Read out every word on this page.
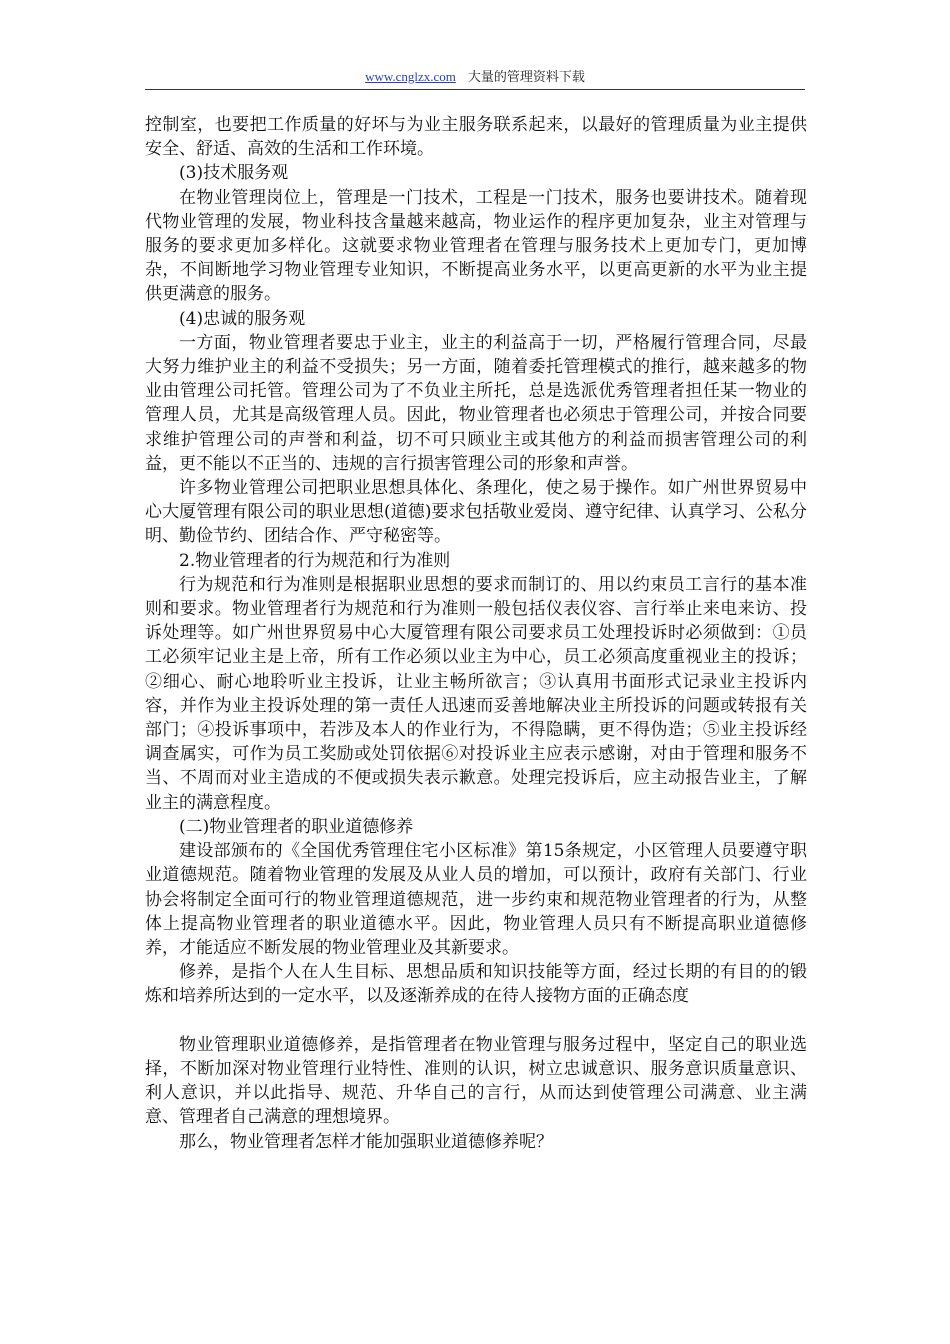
www.cnglzx.com 大量的管理资料下载

控制室，也要把工作质量的好坏与为业主服务联系起来，以最好的管理质量为业主提供安全、舒适、高效的生活和工作环境。

(3)技术服务观

在物业管理岗位上，管理是一门技术，工程是一门技术，服务也要讲技术。随着现代物业管理的发展，物业科技含量越来越高，物业运作的程序更加复杂，业主对管理与服务的要求更加多样化。这就要求物业管理者在管理与服务技术上更加专门，更加博杂，不间断地学习物业管理专业知识，不断提高业务水平，以更高更新的水平为业主提供更满意的服务。

(4)忠诚的服务观

一方面，物业管理者要忠于业主，业主的利益高于一切，严格履行管理合同，尽最大努力维护业主的利益不受损失；另一方面，随着委托管理模式的推行，越来越多的物业由管理公司托管。管理公司为了不负业主所托，总是选派优秀管理者担任某一物业的管理人员，尤其是高级管理人员。因此，物业管理者也必须忠于管理公司，并按合同要求维护管理公司的声誉和利益，切不可只顾业主或其他方的利益而损害管理公司的利益，更不能以不正当的、违规的言行损害管理公司的形象和声誉。

许多物业管理公司把职业思想具体化、条理化，使之易于操作。如广州世界贸易中心大厦管理有限公司的职业思想(道德)要求包括敬业爱岗、遵守纪律、认真学习、公私分明、勤俭节约、团结合作、严守秘密等。

2.物业管理者的行为规范和行为准则

行为规范和行为准则是根据职业思想的要求而制订的、用以约束员工言行的基本准则和要求。物业管理者行为规范和行为准则一般包括仪表仪容、言行举止来电来访、投诉处理等。如广州世界贸易中心大厦管理有限公司要求员工处理投诉时必须做到：①员工必须牢记业主是上帝，所有工作必须以业主为中心，员工必须高度重视业主的投诉；②细心、耐心地聆听业主投诉，让业主畅所欲言；③认真用书面形式记录业主投诉内容，并作为业主投诉处理的第一责任人迅速而妥善地解决业主所投诉的问题或转报有关部门；④投诉事项中，若涉及本人的作业行为，不得隐瞒，更不得伪造；⑤业主投诉经调查属实，可作为员工奖励或处罚依据⑥对投诉业主应表示感谢，对由于管理和服务不当、不周而对业主造成的不便或损失表示歉意。处理完投诉后，应主动报告业主，了解业主的满意程度。

(二)物业管理者的职业道德修养

建设部颁布的《全国优秀管理住宅小区标准》第15条规定，小区管理人员要遵守职业道德规范。随着物业管理的发展及从业人员的增加，可以预计，政府有关部门、行业协会将制定全面可行的物业管理道德规范，进一步约束和规范物业管理者的行为，从整体上提高物业管理者的职业道德水平。因此，物业管理人员只有不断提高职业道德修养，才能适应不断发展的物业管理业及其新要求。

修养，是指个人在人生目标、思想品质和知识技能等方面，经过长期的有目的的锻炼和培养所达到的一定水平，以及逐渐养成的在待人接物方面的正确态度

物业管理职业道德修养，是指管理者在物业管理与服务过程中，坚定自己的职业选择，不断加深对物业管理行业特性、准则的认识，树立忠诚意识、服务意识质量意识、利人意识，并以此指导、规范、升华自己的言行，从而达到使管理公司满意、业主满意、管理者自己满意的理想境界。

那么，物业管理者怎样才能加强职业道德修养呢？
